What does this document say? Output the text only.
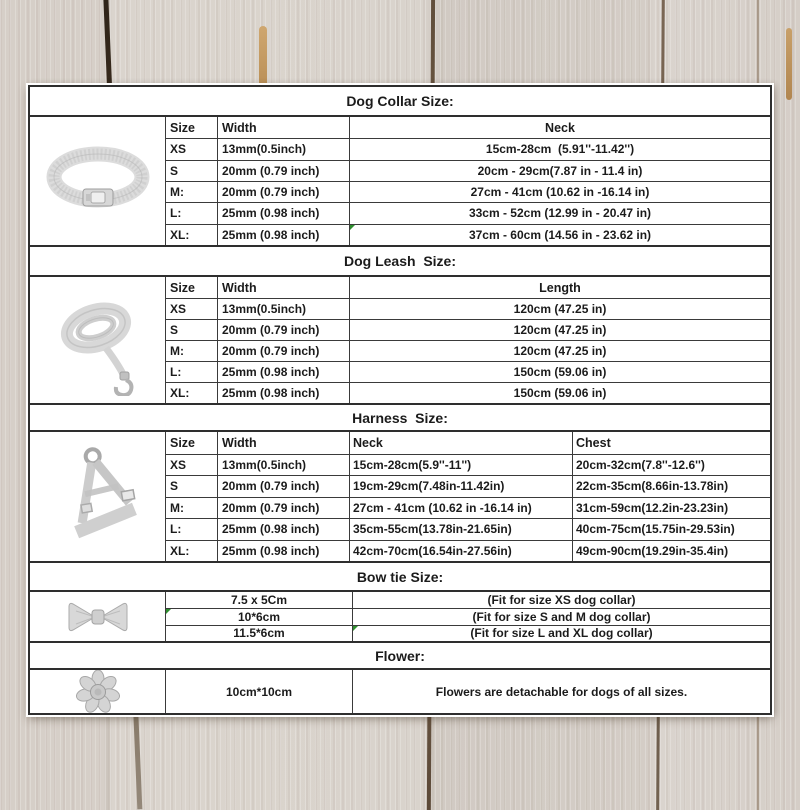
Dog Collar Size:
Size	Width	Neck
XS	13mm(0.5inch)	15cm-28cm  (5.91''-11.42'')
S	20mm (0.79 inch)	20cm - 29cm(7.87 in - 11.4 in)
M:	20mm (0.79 inch)	27cm - 41cm (10.62 in -16.14 in)
L:	25mm (0.98 inch)	33cm - 52cm (12.99 in - 20.47 in)
XL:	25mm (0.98 inch)	37cm - 60cm (14.56 in - 23.62 in)
Dog Leash  Size:
Size	Width	Length
XS	13mm(0.5inch)	120cm (47.25 in)
S	20mm (0.79 inch)	120cm (47.25 in)
M:	20mm (0.79 inch)	120cm (47.25 in)
L:	25mm (0.98 inch)	150cm (59.06 in)
XL:	25mm (0.98 inch)	150cm (59.06 in)
Harness  Size:
Size	Width	Neck	Chest
XS	13mm(0.5inch)	15cm-28cm(5.9''-11'')	20cm-32cm(7.8''-12.6'')
S	20mm (0.79 inch)	19cm-29cm(7.48in-11.42in)	22cm-35cm(8.66in-13.78in)
M:	20mm (0.79 inch)	27cm - 41cm (10.62 in -16.14 in)	31cm-59cm(12.2in-23.23in)
L:	25mm (0.98 inch)	35cm-55cm(13.78in-21.65in)	40cm-75cm(15.75in-29.53in)
XL:	25mm (0.98 inch)	42cm-70cm(16.54in-27.56in)	49cm-90cm(19.29in-35.4in)
Bow tie Size:
7.5 x 5Cm	(Fit for size XS dog collar)
10*6cm	(Fit for size S and M dog collar)
11.5*6cm	(Fit for size L and XL dog collar)
Flower:
10cm*10cm	Flowers are detachable for dogs of all sizes.
